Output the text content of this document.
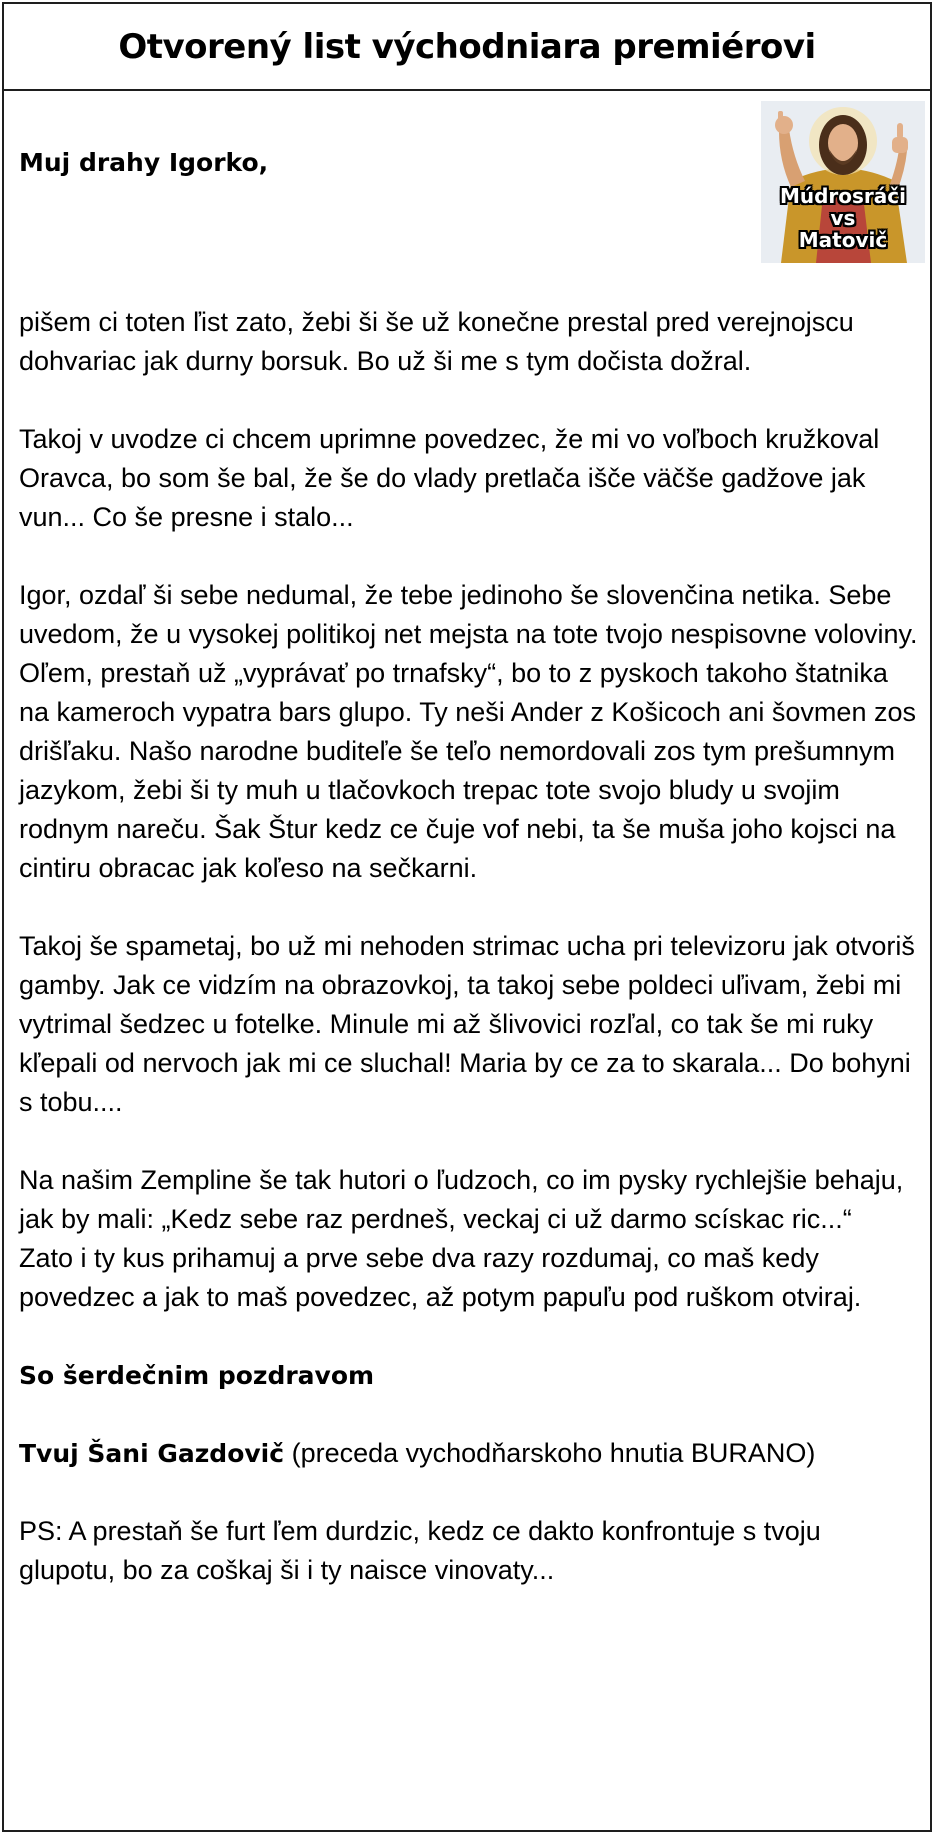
Otvorený list východniara premiérovi

Muj drahy Igorko,

Múdrosráči
vs
Matovič

pišem ci toten ľist zato, žebi ši še už konečne prestal pred verejnojscu dohvariac jak durny borsuk. Bo už ši me s tym dočista dožral.

Takoj v uvodze ci chcem uprimne povedzec, že mi vo voľboch kružkoval Oravca, bo som še bal, že še do vlady pretlača išče väčše gadžove jak vun... Co še presne i stalo...

Igor, ozdaľ ši sebe nedumal, že tebe jedinoho še slovenčina netika. Sebe uvedom, že u vysokej politikoj net mejsta na tote tvojo nespisovne voloviny. Oľem, prestaň už „vyprávať po trnafsky“, bo to z pyskoch takoho štatnika na kameroch vypatra bars glupo. Ty neši Ander z Košicoch ani šovmen zos drišľaku. Našo narodne buditeľe še teľo nemordovali zos tym prešumnym jazykom, žebi ši ty muh u tlačovkoch trepac tote svojo bludy u svojim rodnym nareču. Šak Štur kedz ce čuje vof nebi, ta še muša joho kojsci na cintiru obracac jak koľeso na sečkarni.

Takoj še spametaj, bo už mi nehoden strimac ucha pri televizoru jak otvoriš gamby. Jak ce vidzím na obrazovkoj, ta takoj sebe poldeci uľivam, žebi mi vytrimal šedzec u fotelke. Minule mi až šlivovici rozľal, co tak še mi ruky kľepali od nervoch jak mi ce sluchal! Maria by ce za to skarala... Do bohyni s tobu....

Na našim Zempline še tak hutori o ľudzoch, co im pysky rychlejšie behaju, jak by mali: „Kedz sebe raz perdneš, veckaj ci už darmo scískac ric...“

Zato i ty kus prihamuj a prve sebe dva razy rozdumaj, co maš kedy povedzec a jak to maš povedzec, až potym papuľu pod ruškom otviraj.

So šerdečnim pozdravom

Tvuj Šani Gazdovič (preceda vychodňarskoho hnutia BURANO)

PS: A prestaň še furt ľem durdzic, kedz ce dakto konfrontuje s tvoju glupotu, bo za coškaj ši i ty naisce vinovaty...
